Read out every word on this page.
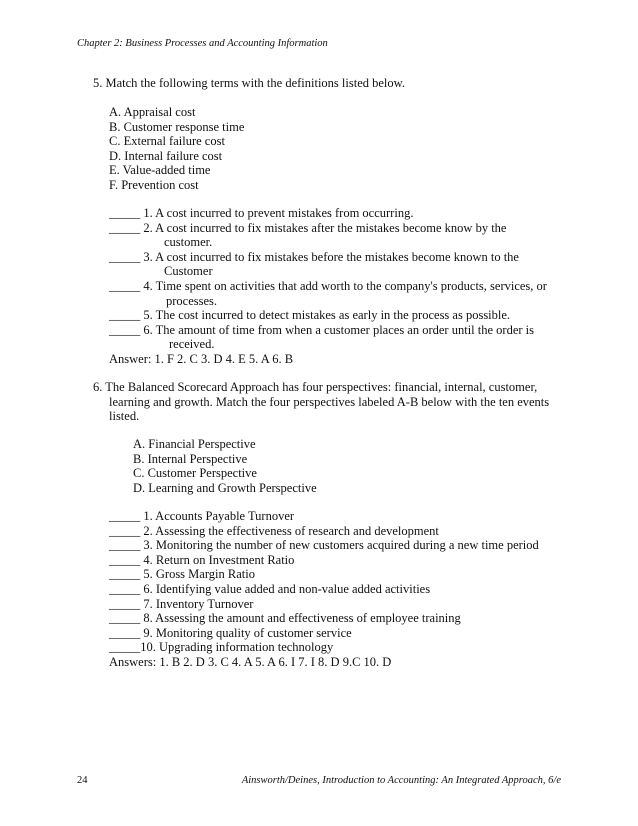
Chapter 2: Business Processes and Accounting Information
5. Match the following terms with the definitions listed below.
A. Appraisal cost
B. Customer response time
C. External failure cost
D. Internal failure cost
E. Value-added time
F. Prevention cost
_____ 1. A cost incurred to prevent mistakes from occurring.
_____ 2. A cost incurred to fix mistakes after the mistakes become know by the
customer.
_____ 3. A cost incurred to fix mistakes before the mistakes become known to the
Customer
_____ 4. Time spent on activities that add worth to the company's products, services, or
processes.
_____ 5. The cost incurred to detect mistakes as early in the process as possible.
_____ 6. The amount of time from when a customer places an order until the order is
received.
Answer: 1. F 2. C 3. D 4. E 5. A 6. B
6. The Balanced Scorecard Approach has four perspectives: financial, internal, customer,
learning and growth. Match the four perspectives labeled A-B below with the ten events
listed.
A. Financial Perspective
B. Internal Perspective
C. Customer Perspective
D. Learning and Growth Perspective
_____ 1. Accounts Payable Turnover
_____ 2. Assessing the effectiveness of research and development
_____ 3. Monitoring the number of new customers acquired during a new time period
_____ 4. Return on Investment Ratio
_____ 5. Gross Margin Ratio
_____ 6. Identifying value added and non-value added activities
_____ 7. Inventory Turnover
_____ 8. Assessing the amount and effectiveness of employee training
_____ 9. Monitoring quality of customer service
_____10. Upgrading information technology
Answers: 1. B 2. D 3. C 4. A 5. A 6. I 7. I 8. D 9.C 10. D
24	Ainsworth/Deines, Introduction to Accounting: An Integrated Approach, 6/e
